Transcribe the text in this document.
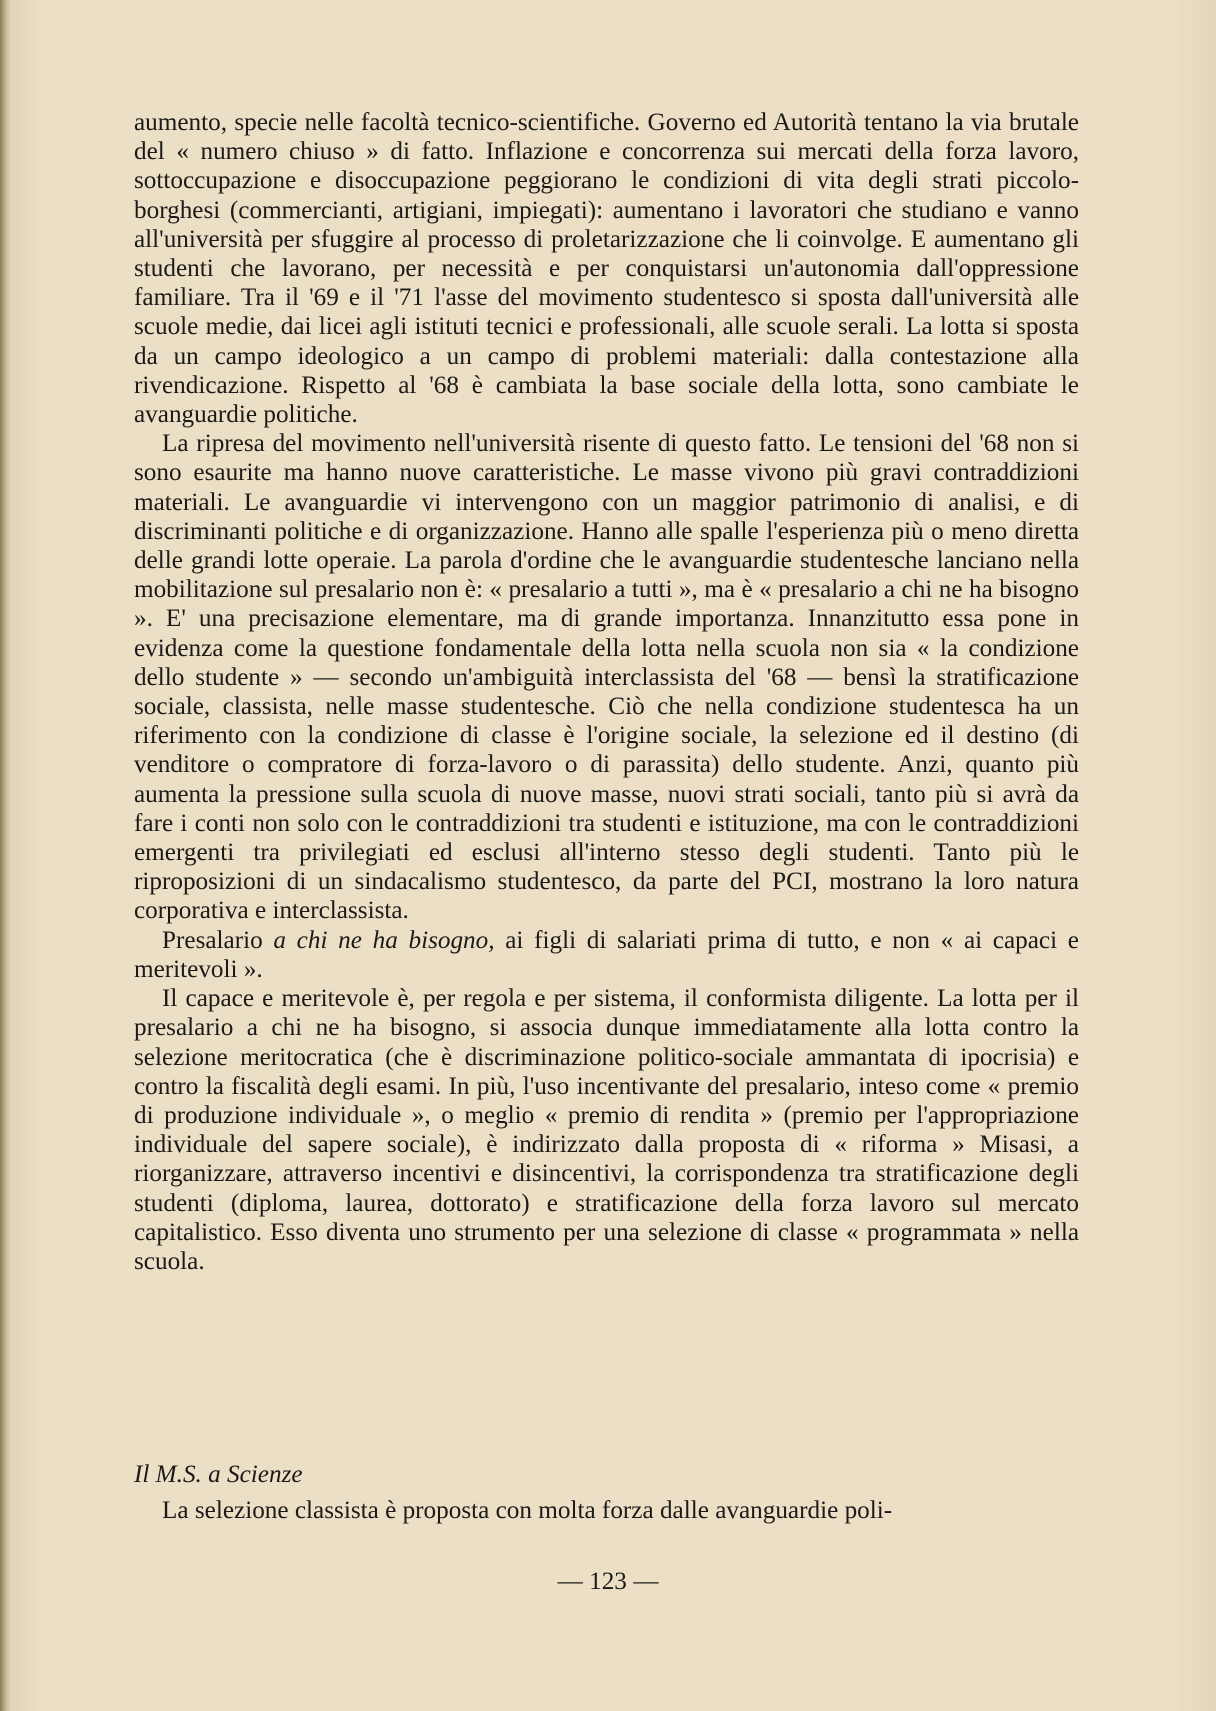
aumento, specie nelle facoltà tecnico-scientifiche. Governo ed Autorità tentano la via brutale del « numero chiuso » di fatto. Inflazione e concorrenza sui mercati della forza lavoro, sottoccupazione e disoccupazione peggiorano le condizioni di vita degli strati piccolo-borghesi (commercianti, artigiani, impiegati): aumentano i lavoratori che studiano e vanno all'università per sfuggire al processo di proletarizzazione che li coinvolge. E aumentano gli studenti che lavorano, per necessità e per conquistarsi un'autonomia dall'oppressione familiare. Tra il '69 e il '71 l'asse del movimento studentesco si sposta dall'università alle scuole medie, dai licei agli istituti tecnici e professionali, alle scuole serali. La lotta si sposta da un campo ideologico a un campo di problemi materiali: dalla contestazione alla rivendicazione. Rispetto al '68 è cambiata la base sociale della lotta, sono cambiate le avanguardie politiche.

La ripresa del movimento nell'università risente di questo fatto. Le tensioni del '68 non si sono esaurite ma hanno nuove caratteristiche. Le masse vivono più gravi contraddizioni materiali. Le avanguardie vi intervengono con un maggior patrimonio di analisi, e di discriminanti politiche e di organizzazione. Hanno alle spalle l'esperienza più o meno diretta delle grandi lotte operaie. La parola d'ordine che le avanguardie studentesche lanciano nella mobilitazione sul presalario non è: « presalario a tutti », ma è « presalario a chi ne ha bisogno ». E' una precisazione elementare, ma di grande importanza. Innanzitutto essa pone in evidenza come la questione fondamentale della lotta nella scuola non sia « la condizione dello studente » — secondo un'ambiguità interclassista del '68 — bensì la stratificazione sociale, classista, nelle masse studentesche. Ciò che nella condizione studentesca ha un riferimento con la condizione di classe è l'origine sociale, la selezione ed il destino (di venditore o compratore di forza-lavoro o di parassita) dello studente. Anzi, quanto più aumenta la pressione sulla scuola di nuove masse, nuovi strati sociali, tanto più si avrà da fare i conti non solo con le contraddizioni tra studenti e istituzione, ma con le contraddizioni emergenti tra privilegiati ed esclusi all'interno stesso degli studenti. Tanto più le riproposizioni di un sindacalismo studentesco, da parte del PCI, mostrano la loro natura corporativa e interclassista.

Presalario a chi ne ha bisogno, ai figli di salariati prima di tutto, e non « ai capaci e meritevoli ».

Il capace e meritevole è, per regola e per sistema, il conformista diligente. La lotta per il presalario a chi ne ha bisogno, si associa dunque immediatamente alla lotta contro la selezione meritocratica (che è discriminazione politico-sociale ammantata di ipocrisia) e contro la fiscalità degli esami. In più, l'uso incentivante del presalario, inteso come « premio di produzione individuale », o meglio « premio di rendita » (premio per l'appropriazione individuale del sapere sociale), è indirizzato dalla proposta di « riforma » Misasi, a riorganizzare, attraverso incentivi e disincentivi, la corrispondenza tra stratificazione degli studenti (diploma, laurea, dottorato) e stratificazione della forza lavoro sul mercato capitalistico. Esso diventa uno strumento per una selezione di classe « programmata » nella scuola.

Il M.S. a Scienze
La selezione classista è proposta con molta forza dalle avanguardie poli-
— 123 —
